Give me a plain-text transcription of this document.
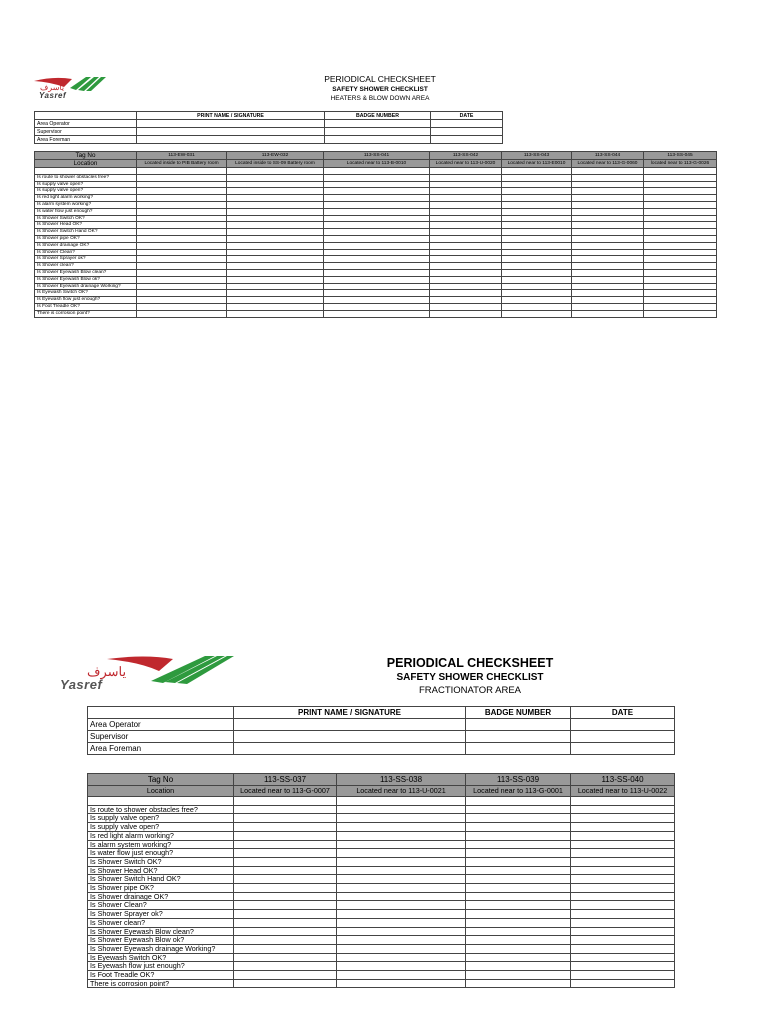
ياسرف
Yasref
PERIODICAL CHECKSHEET
SAFETY SHOWER CHECKLIST
HEATERS & BLOW DOWN AREA
	PRINT NAME / SIGNATURE	BADGE NUMBER	DATE
Area Operator			
Supervisor			
Area Foreman			
Tag No	113-EW-031	113-EW-032	113-SS-041	113-SS-042	113-SS-043	113-SS-044	113-SS-045
Location	Located inside to PIB Battery room	Located inside to SS-09 Battery room	Located near to 113-B-0010	Located near to 113-U-0020	Located near to 113-E0010	Located near to 113-G-0060	located near to 113-G-0026

Is route to shower obstacles free?							
Is supply valve open?							
Is supply valve open?							
Is red light alarm working?							
Is alarm system working?							
Is water flow just enough?							
Is Shower Switch OK?							
Is Shower Head OK?							
Is Shower Switch Hand OK?							
Is Shower pipe OK?							
Is Shower drainage OK?							
Is Shower Clean?							
Is Shower Sprayer ok?							
Is Shower clean?							
Is Shower Eyewash Blow clean?							
Is Shower Eyewash Blow ok?							
Is Shower Eyewash drainage Working?							
Is Eyewash Switch OK?							
Is Eyewash flow just enough?							
Is Foot Treadle OK?							
There is corrosion point?							
ياسرف
Yasref
PERIODICAL CHECKSHEET
SAFETY SHOWER CHECKLIST
FRACTIONATOR AREA
	PRINT NAME / SIGNATURE	BADGE NUMBER	DATE
Area Operator			
Supervisor			
Area Foreman			
Tag No	113-SS-037	113-SS-038	113-SS-039	113-SS-040
Location	Located near to 113-G-0007	Located near to 113-U-0021	Located near to 113-G-0001	Located near to 113-U-0022

Is route to shower obstacles free?				
Is supply valve open?				
Is supply valve open?				
Is red light alarm working?				
Is alarm system working?				
Is water flow just enough?				
Is Shower Switch OK?				
Is Shower Head OK?				
Is Shower Switch Hand OK?				
Is Shower pipe OK?				
Is Shower drainage OK?				
Is Shower Clean?				
Is Shower Sprayer ok?				
Is Shower clean?				
Is Shower Eyewash Blow clean?				
Is Shower Eyewash Blow ok?				
Is Shower Eyewash drainage Working?				
Is Eyewash Switch OK?				
Is Eyewash flow just enough?				
Is Foot Treadle OK?				
There is corrosion point?				
